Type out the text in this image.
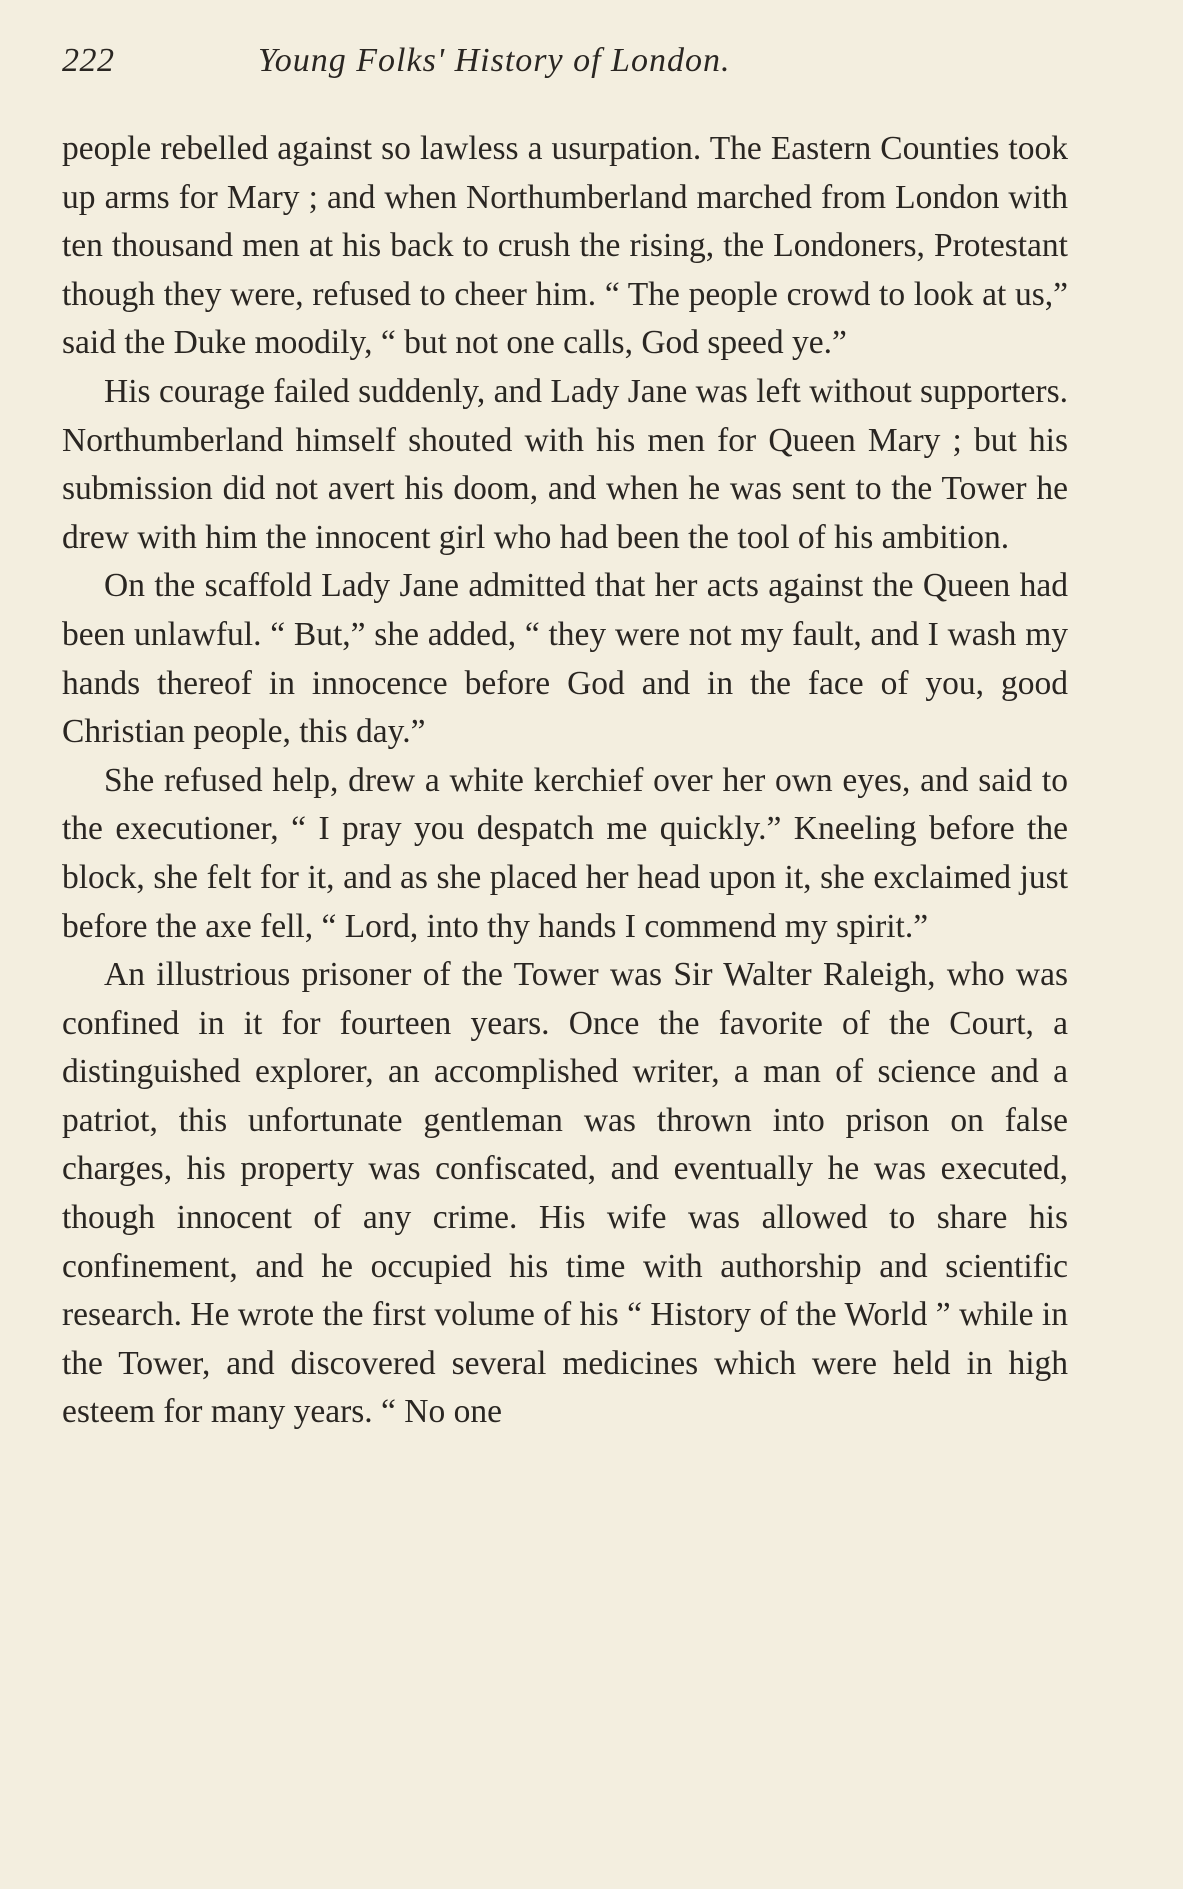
222	Young Folks' History of London.

people rebelled against so lawless a usurpation. The Eastern Counties took up arms for Mary ; and when Northumberland marched from London with ten thousand men at his back to crush the rising, the Londoners, Protestant though they were, refused to cheer him. “ The people crowd to look at us,” said the Duke moodily, “ but not one calls, God speed ye.”

His courage failed suddenly, and Lady Jane was left without supporters. Northumberland himself shouted with his men for Queen Mary ; but his submission did not avert his doom, and when he was sent to the Tower he drew with him the innocent girl who had been the tool of his ambition.

On the scaffold Lady Jane admitted that her acts against the Queen had been unlawful. “ But,” she added, “ they were not my fault, and I wash my hands thereof in innocence before God and in the face of you, good Christian people, this day.”

She refused help, drew a white kerchief over her own eyes, and said to the executioner, “ I pray you despatch me quickly.” Kneeling before the block, she felt for it, and as she placed her head upon it, she exclaimed just before the axe fell, “ Lord, into thy hands I commend my spirit.”

An illustrious prisoner of the Tower was Sir Walter Raleigh, who was confined in it for fourteen years. Once the favorite of the Court, a distinguished explorer, an accomplished writer, a man of science and a patriot, this unfortunate gentleman was thrown into prison on false charges, his property was confiscated, and eventually he was executed, though innocent of any crime. His wife was allowed to share his confinement, and he occupied his time with authorship and scientific research. He wrote the first volume of his “ History of the World ” while in the Tower, and discovered several medicines which were held in high esteem for many years. “ No one
